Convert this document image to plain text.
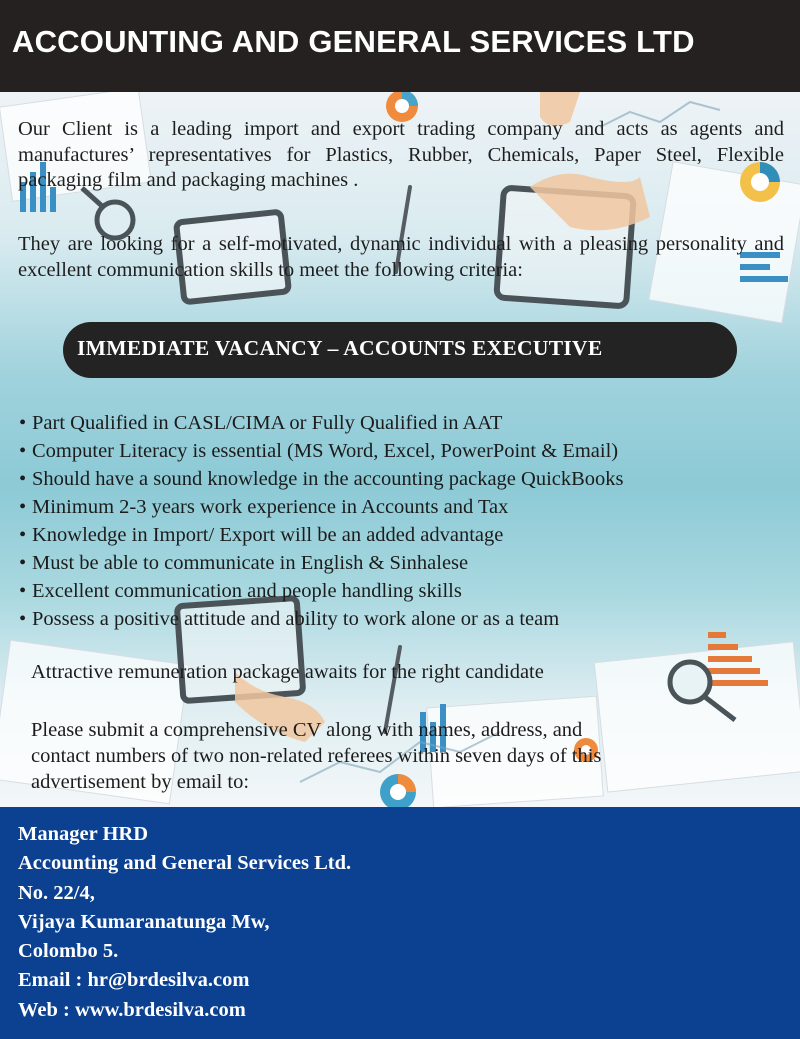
ACCOUNTING AND GENERAL SERVICES LTD
Our Client is a leading import and export trading company and acts as agents and manufactures’ representatives for Plastics, Rubber, Chemicals, Paper Steel, Flexible packaging film and packaging machines .
They are looking for a self-motivated, dynamic individual with a pleasing personality and excellent communication skills to meet the following criteria:
IMMEDIATE VACANCY – ACCOUNTS EXECUTIVE
• Part Qualified in CASL/CIMA or Fully Qualified in AAT
• Computer Literacy is essential (MS Word, Excel, PowerPoint & Email)
• Should have a sound knowledge in the accounting package QuickBooks
• Minimum 2-3 years work experience in Accounts and Tax
• Knowledge in Import/ Export will be an added advantage
• Must be able to communicate in English & Sinhalese
• Excellent communication and people handling skills
• Possess a positive attitude and ability to work alone or as a team
Attractive remuneration package awaits for the right candidate
Please submit a comprehensive CV along with names, address, and
contact numbers of two non-related referees within seven days of this
advertisement by email to:
Manager HRD
Accounting and General Services Ltd.
No. 22/4,
Vijaya Kumaranatunga Mw,
Colombo 5.
Email : hr@brdesilva.com
Web : www.brdesilva.com
